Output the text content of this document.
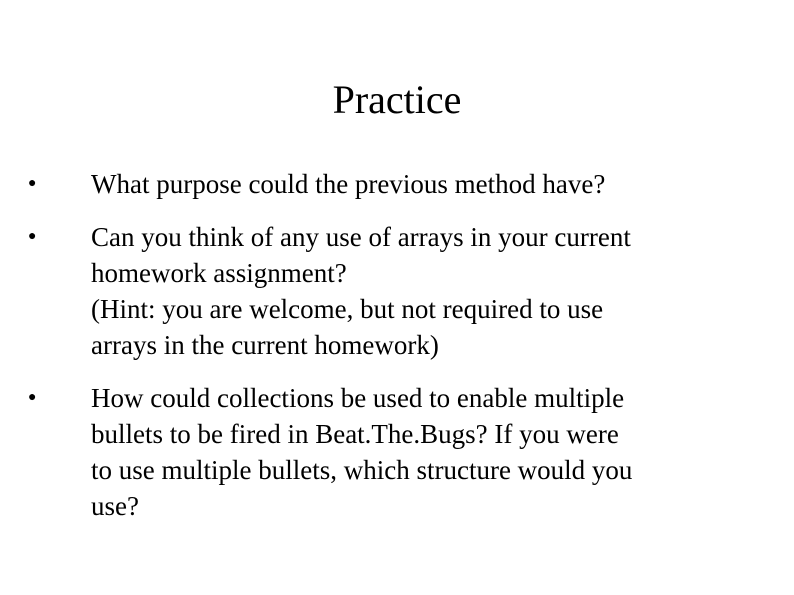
Practice
● What purpose could the previous method have?
● Can you think of any use of arrays in your current
homework assignment?
(Hint: you are welcome, but not required to use
arrays in the current homework)
● How could collections be used to enable multiple
bullets to be fired in Beat.The.Bugs? If you were
to use multiple bullets, which structure would you
use?
